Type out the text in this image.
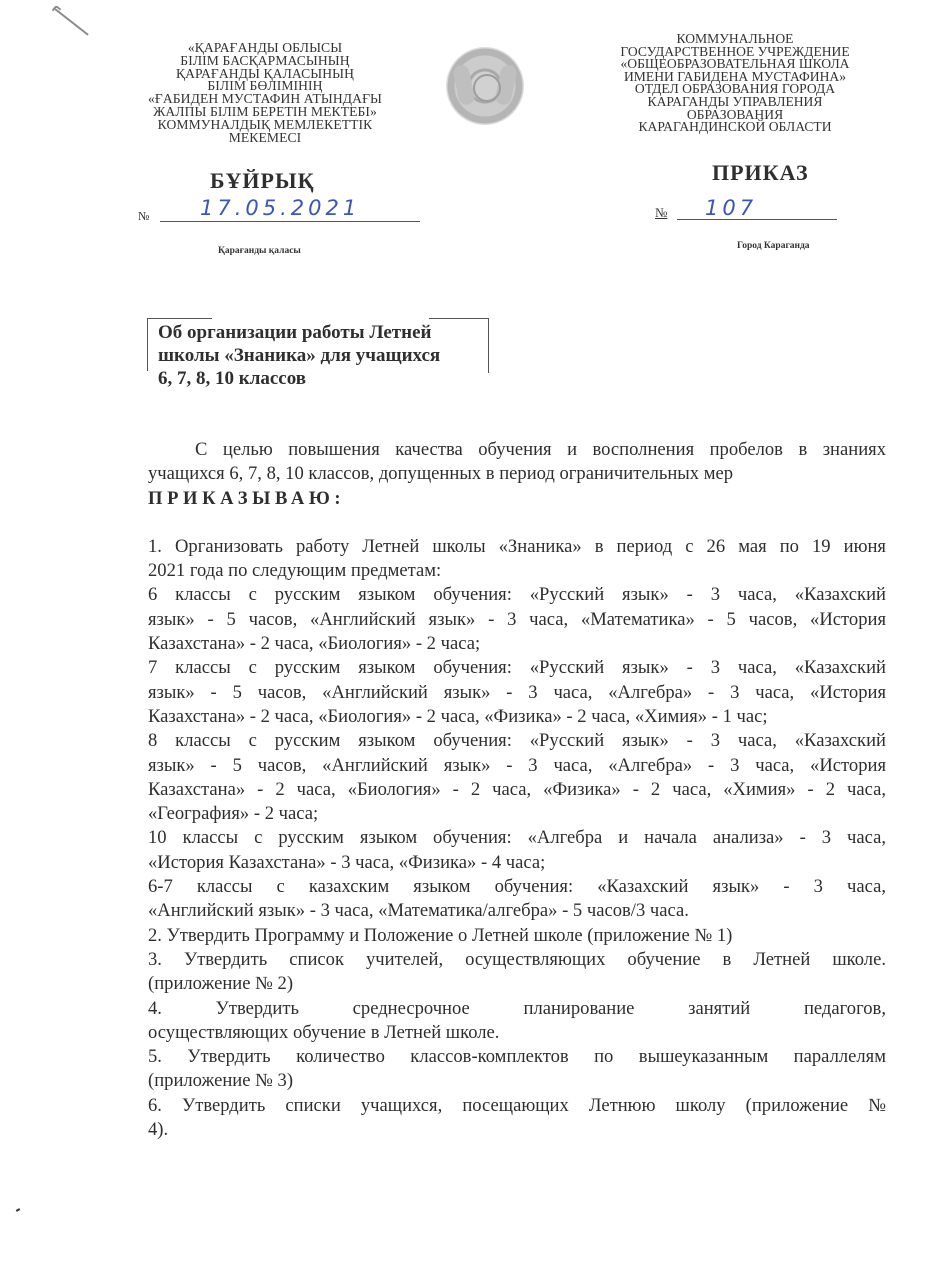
«ҚАРАҒАНДЫ ОБЛЫСЫ
БІЛІМ БАСҚАРМАСЫНЫҢ
ҚАРАҒАНДЫ ҚАЛАСЫНЫҢ
БІЛІМ БӨЛІМІНІҢ
«ҒАБИДЕН МУСТАФИН АТЫНДАҒЫ
ЖАЛПЫ БІЛІМ БЕРЕТІН МЕКТЕБІ»
КОММУНАЛДЫҚ МЕМЛЕКЕТТІК
МЕКЕМЕСІ
КОММУНАЛЬНОЕ
ГОСУДАРСТВЕННОЕ УЧРЕЖДЕНИЕ
«ОБЩЕОБРАЗОВАТЕЛЬНАЯ ШКОЛА
ИМЕНИ ГАБИДЕНА МУСТАФИНА»
ОТДЕЛ ОБРАЗОВАНИЯ ГОРОДА
КАРАГАНДЫ УПРАВЛЕНИЯ
ОБРАЗОВАНИЯ
КАРАГАНДИНСКОЙ ОБЛАСТИ
БҰЙРЫҚ	ПРИКАЗ
№ 17.05.2021	№ 107
Қарағанды қаласы	Город Караганда
Об организации работы Летней
школы «Знаника» для учащихся
6, 7, 8, 10 классов

С целью повышения качества обучения и восполнения пробелов в знаниях

учащихся 6, 7, 8, 10 классов, допущенных в период ограничительных мер

ПРИКАЗЫВАЮ:

1. Организовать работу Летней школы «Знаника» в период с 26 мая по 19 июня

2021 года по следующим предметам:

6 классы с русским языком обучения: «Русский язык» - 3 часа, «Казахский

язык» - 5 часов, «Английский язык» - 3 часа, «Математика» - 5 часов, «История

Казахстана» - 2 часа, «Биология» - 2 часа;

7 классы с русским языком обучения: «Русский язык» - 3 часа, «Казахский

язык» - 5 часов, «Английский язык» - 3 часа, «Алгебра» - 3 часа, «История

Казахстана» - 2 часа, «Биология» - 2 часа, «Физика» - 2 часа, «Химия» - 1 час;

8 классы с русским языком обучения: «Русский язык» - 3 часа, «Казахский

язык» - 5 часов, «Английский язык» - 3 часа, «Алгебра» - 3 часа, «История

Казахстана» - 2 часа, «Биология» - 2 часа, «Физика» - 2 часа, «Химия» - 2 часа,

«География» - 2 часа;

10 классы с русским языком обучения: «Алгебра и начала анализа» - 3 часа,

«История Казахстана» - 3 часа, «Физика» - 4 часа;

6-7 классы с казахским языком обучения: «Казахский язык» - 3 часа,

«Английский язык» - 3 часа, «Математика/алгебра» - 5 часов/3 часа.

2. Утвердить Программу и Положение о Летней школе (приложение № 1)

3. Утвердить список учителей, осуществляющих обучение в Летней школе.

(приложение № 2)

4. Утвердить среднесрочное планирование занятий педагогов,

осуществляющих обучение в Летней школе.

5. Утвердить количество классов-комплектов по вышеуказанным параллелям

(приложение № 3)

6. Утвердить списки учащихся, посещающих Летнюю школу (приложение №

4).
